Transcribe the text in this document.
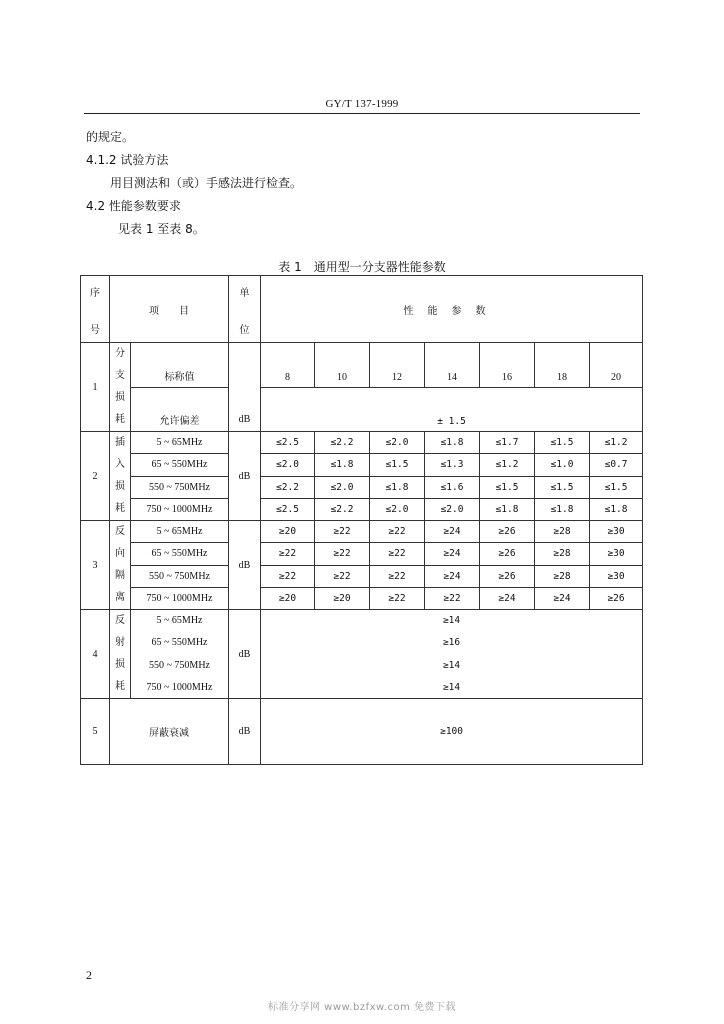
GY/T 137-1999
的规定。
4.1.2 试验方法
用目测法和（或）手感法进行检查。
4.2 性能参数要求
见表 1 至表 8。
表 1　通用型一分支器性能参数
序
号	项　　目		单
位	性能参数						
1	分
支
损
耗	标称值	dB	8	10	12	14	16	18	20
		允许偏差		± 1.5						
2	插
入
损
耗	5 ~ 65MHz	dB	≤2.5	≤2.2	≤2.0	≤1.8	≤1.7	≤1.5	≤1.2
		65 ~ 550MHz		≤2.0	≤1.8	≤1.5	≤1.3	≤1.2	≤1.0	≤0.7
		550 ~ 750MHz		≤2.2	≤2.0	≤1.8	≤1.6	≤1.5	≤1.5	≤1.5
		750 ~ 1000MHz		≤2.5	≤2.2	≤2.0	≤2.0	≤1.8	≤1.8	≤1.8
3	反
向
隔
离	5 ~ 65MHz	dB	≥20	≥22	≥22	≥24	≥26	≥28	≥30
		65 ~ 550MHz		≥22	≥22	≥22	≥24	≥26	≥28	≥30
		550 ~ 750MHz		≥22	≥22	≥22	≥24	≥26	≥28	≥30
		750 ~ 1000MHz		≥20	≥20	≥22	≥22	≥24	≥24	≥26
4	反
射
损
耗	5 ~ 65MHz	dB	≥14						
		65 ~ 550MHz		≥16						
		550 ~ 750MHz		≥14						
		750 ~ 1000MHz		≥14						
5	屏蔽衰减		dB	≥100						
2
标准分享网 www.bzfxw.com 免费下载
